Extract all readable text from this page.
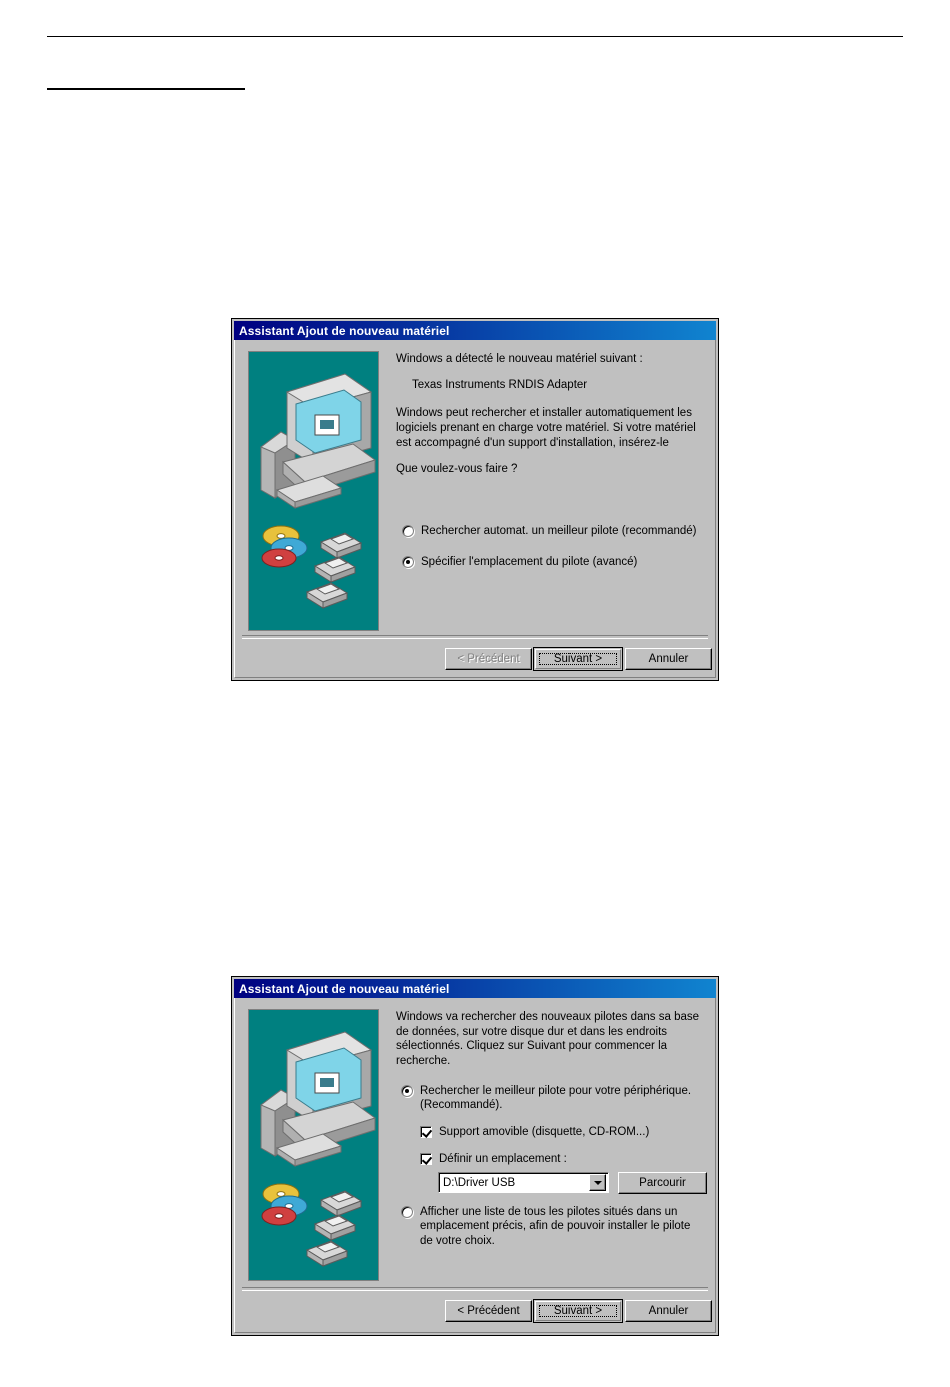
Assistant Ajout de nouveau matériel

Windows a détecté le nouveau matériel suivant :

Texas Instruments RNDIS Adapter

Windows peut rechercher et installer automatiquement les logiciels prenant en charge votre matériel. Si votre matériel est accompagné d'un support d'installation, insérez-le

Que voulez-vous faire ?

Rechercher automat. un meilleur pilote (recommandé)
Spécifier l'emplacement du pilote (avancé)
< Précédent	Suivant >	Annuler
Assistant Ajout de nouveau matériel

Windows va rechercher des nouveaux pilotes dans sa base de données, sur votre disque dur et dans les endroits sélectionnés. Cliquez sur Suivant pour commencer la recherche.

Rechercher le meilleur pilote pour votre périphérique. (Recommandé).
Support amovible (disquette, CD-ROM...)
Définir un emplacement :
D:\Driver USB	Parcourir
Afficher une liste de tous les pilotes situés dans un emplacement précis, afin de pouvoir installer le pilote de votre choix.
< Précédent	Suivant >	Annuler
